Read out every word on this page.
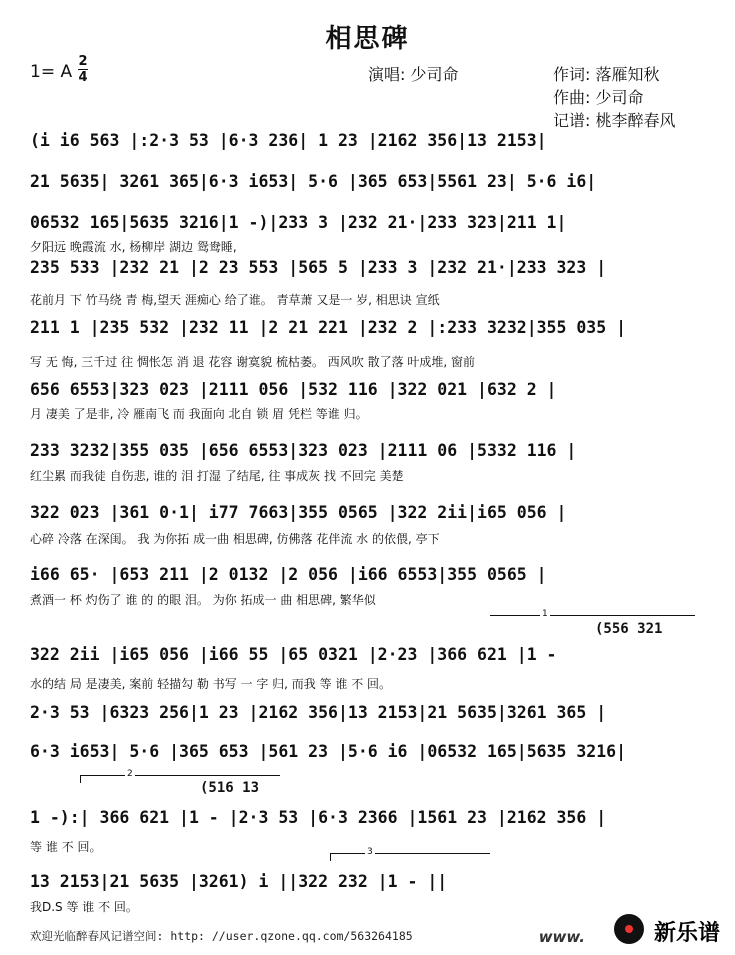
相思碑
1= A
2
4	演唱: 少司命	作词: 落雁知秋
作曲: 少司命
记谱: 桃李醉春风
(i i6 563 |:2·3 53 |6·3 236| 1 23 |2162 356|13 2153|
21 5635| 3261 365|6·3 i653| 5·6 |365 653|5561 23| 5·6 i6|
06532 165|5635 3216|1 -)|233 3 |232 21·|233 323|211 1|
235 533 |232 21 |2 23 553 |565 5 |233 3 |232 21·|233 323 |
211 1 |235 532 |232 11 |2 21 221 |232 2 |:233 3232|355 035 |
656 6553|323 023 |2111 056 |532 116 |322 021 |632 2 |
233 3232|355 035 |656 6553|323 023 |2111 06 |5332 116 |
322 023 |361 0·1| i77 7663|355 0565 |322 2ii|i65 056 |
i66 65· |653 211 |2 0132 |2 056 |i66 6553|355 0565 |
322 2ii |i65 056 |i66 55 |65 0321 |2·23 |366 621 |1 -
2·3 53 |6323 256|1 23 |2162 356|13 2153|21 5635|3261 365 |
6·3 i653| 5·6 |365 653 |561 23 |5·6 i6 |06532 165|5635 3216|
1 -):| 366 621 |1 - |2·3 53 |6·3 2366 |1561 23 |2162 356 |
13 2153|21 5635 |3261) i ||322 232 |1 - ||
夕阳远 晚霞流 水, 杨柳岸 湖边 鸳鸯睡,
花前月 下 竹马绕 青 梅,望天 涯痴心 给了谁。 青草萧 又是一 岁, 相思诀 宣纸
写 无 悔, 三千过 往 惆怅怎 消 退 花容 谢寞貌 梳枯萎。 西风吹 散了落 叶成堆, 窗前
月 凄美 了是非, 冷 雁南飞 而 我面向 北自 锁 眉 凭栏 等谁 归。
红尘累 而我徒 自伤悲, 谁的 泪 打湿 了结尾, 往 事成灰 找 不回完 美楚
心碎 冷落 在深闺。 我 为你拓 成一曲 相思碑, 仿佛落 花伴流 水 的依偎, 亭下
煮酒一 杯 灼伤了 谁 的 的眼 泪。 为你 拓成一 曲 相思碑, 繁华似
水的结 局 是凄美, 案前 轻描勾 勒 书写 一 字 归, 而我 等 谁 不 回。
等 谁 不 回。
我D.S 等 谁 不 回。
1
(556 321
2
(516 13
3
欢迎光临醉春风记谱空间: http: //user.qzone.qq.com/563264185	www.	新乐谱
